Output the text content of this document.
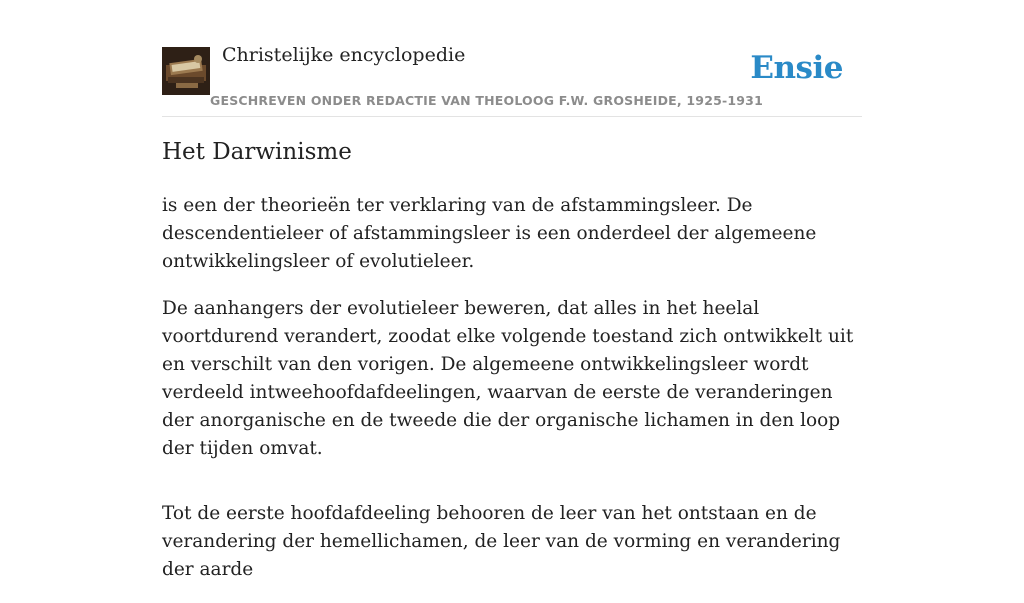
Christelijke encyclopedie
GESCHREVEN ONDER REDACTIE VAN THEOLOOG F.W. GROSHEIDE, 1925-1931
Ensie
Het Darwinisme

is een der theorieën ter verklaring van de afstammingsleer. De descendentieleer of afstammingsleer is een onderdeel der algemeene ontwikkelingsleer of evolutieleer.

De aanhangers der evolutieleer beweren, dat alles in het heelal voortdurend verandert, zoodat elke volgende toestand zich ontwikkelt uit en verschilt van den vorigen. De algemeene ontwikkelingsleer wordt verdeeld intweehoofdafdeelingen, waarvan de eerste de veranderingen der anorganische en de tweede die der organische lichamen in den loop der tijden omvat.

Tot de eerste hoofdafdeeling behooren de leer van het ontstaan en de verandering der hemellichamen, de leer van de vorming en verandering der aarde
